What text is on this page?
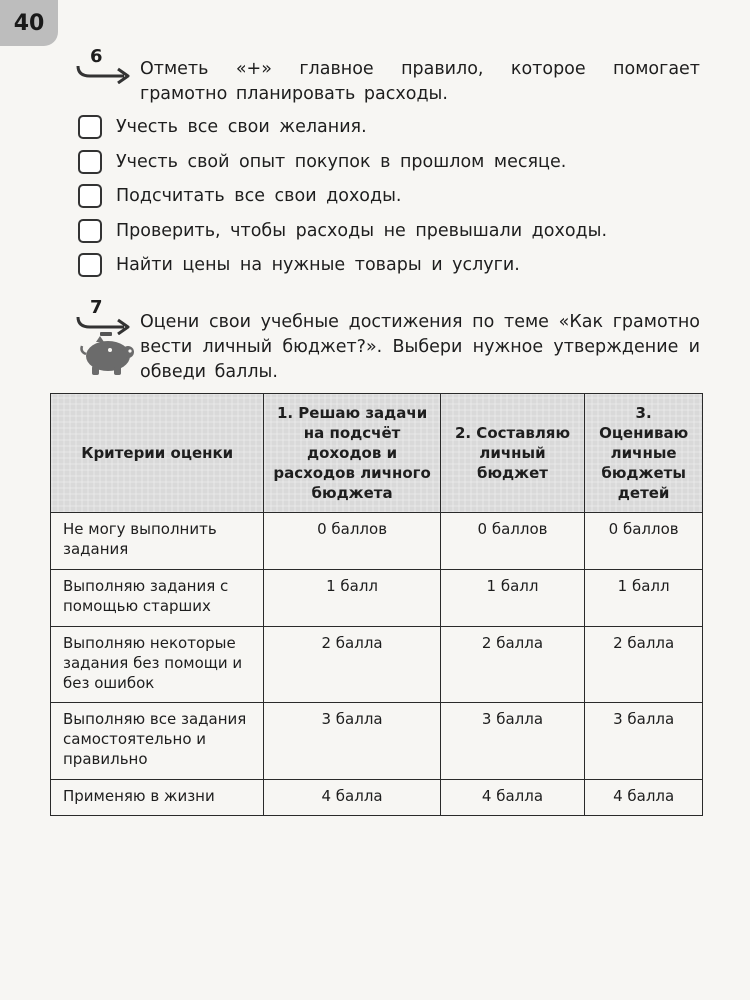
40
6
Отметь «+» главное правило, которое помогает грамотно планировать расходы.
Учесть все свои желания.
Учесть свой опыт покупок в прошлом месяце.
Подсчитать все свои доходы.
Проверить, чтобы расходы не превышали доходы.
Найти цены на нужные товары и услуги.
7
Оцени свои учебные достижения по теме «Как грамотно вести личный бюджет?». Выбери нужное утверждение и обведи баллы.
Критерии оценки	1. Решаю задачи на подсчёт доходов и расходов личного бюджета	2. Составляю личный бюджет	3. Оцениваю личные бюджеты детей
Не могу выполнить задания	0 баллов	0 баллов	0 баллов
Выполняю задания с помощью старших	1 балл	1 балл	1 балл
Выполняю некоторые задания без помощи и без ошибок	2 балла	2 балла	2 балла
Выполняю все задания самостоятельно и правильно	3 балла	3 балла	3 балла
Применяю в жизни	4 балла	4 балла	4 балла
